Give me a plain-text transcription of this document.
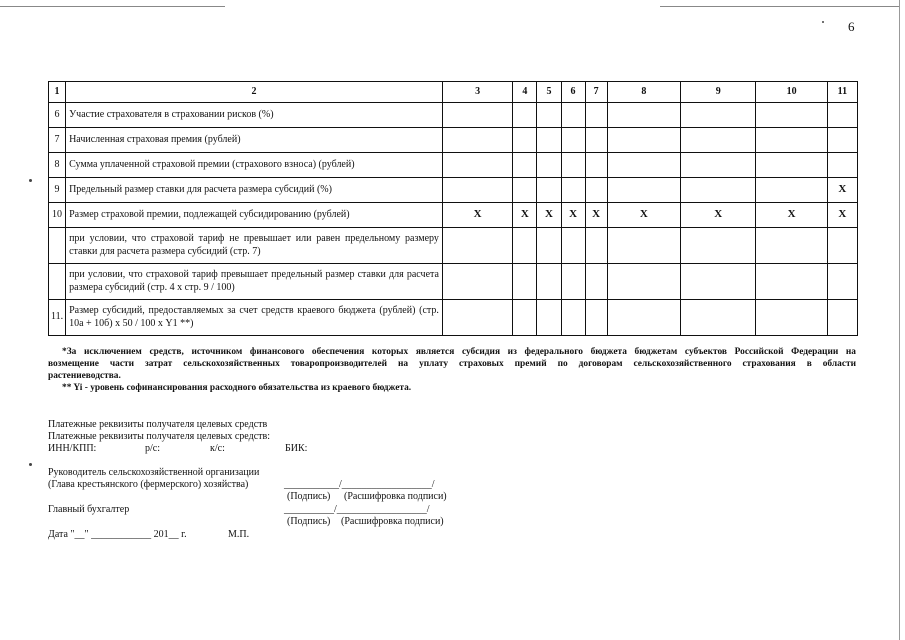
6
1	2	3	4	5	6	7	8	9	10	11
6	Участие страхователя в страховании рисков (%)									
7	Начисленная страховая премия (рублей)									
8	Сумма уплаченной страховой премии (страхового взноса) (рублей)									
9	Предельный размер ставки для расчета размера субсидий (%)									X
10	Размер страховой премии, подлежащей субсидированию (рублей)	X	X	X	X	X	X	X	X	X
	при условии, что страховой тариф не превышает или равен предельному размеру ставки для расчета размера субсидий (стр. 7)									
	при условии, что страховой тариф превышает предельный размер ставки для расчета размера субсидий (стр. 4 х стр. 9 / 100)									
11.	Размер субсидий, предоставляемых за счет средств краевого бюджета (рублей) (стр. 10а + 10б) х 50 / 100 х Y1 **)									
*За исключением средств, источником финансового обеспечения которых является субсидия из федерального бюджета бюджетам субъектов Российской Федерации на
возмещение части затрат сельскохозяйственных товаропроизводителей на уплату страховых премий по договорам сельскохозяйственного страхования в области
растениеводства.
** Yi - уровень софинансирования расходного обязательства из краевого бюджета.
Платежные реквизиты получателя целевых средств
Платежные реквизиты получателя целевых средств:
ИНН/КПП:	р/с:	к/с:	БИК:
Руководитель сельскохозяйственной организации
(Глава крестьянского (фермерского) хозяйства)	___________/__________________/
(Подпись) (Расшифровка подписи)
Главный бухгалтер	__________/__________________/
(Подпись) (Расшифровка подписи)
Дата "__" ____________ 201__ г.	М.П.
